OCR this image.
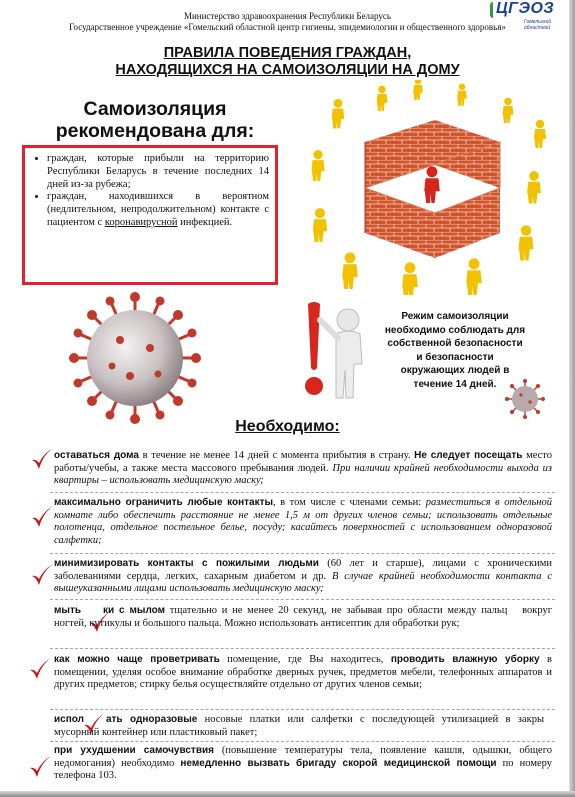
ЦГЭОЗ
Гомельский областной
Министерство здравоохранения Республики Беларусь
Государственное учреждение «Гомельский областной центр гигиены, эпидемиологии и общественного здоровья»
ПРАВИЛА ПОВЕДЕНИЯ ГРАЖДАН,
НАХОДЯЩИХСЯ НА САМОИЗОЛЯЦИИ НА ДОМУ
Самоизоляция
рекомендована для:
• граждан, которые прибыли на территорию Республики Беларусь в течение последних 14 дней из-за рубежа;
• граждан, находившихся в вероятном (недлительном, непродолжительном) контакте с пациентом с коронавирусной инфекцией.
Режим самоизоляции
необходимо соблюдать для
собственной безопасности
и безопасности
окружающих людей в
течение 14 дней.
Необходимо:
оставаться дома в течение не менее 14 дней с момента прибытия в страну. Не следует посещать место работы/учебы, а также места массового пребывания людей. При наличии крайней необходимости выхода из квартиры – использовать медицинскую маску;
максимально ограничить любые контакты, в том числе с членами семьи: разместиться в отдельной комнате либо обеспечить расстояние не менее 1,5 м от других членов семьи; использовать отдельные полотенца, отдельное постельное белье, посуду; касайтесь поверхностей с использованием одноразовой салфетки;
минимизировать контакты с пожилыми людьми (60 лет и старше), лицами с хроническими заболеваниями сердца, легких, сахарным диабетом и др. В случае крайней необходимости контакта с вышеуказанными лицами использовать медицинскую маску;
мыть ки с мылом тщательно и не менее 20 секунд, не забывая про области между пальц вокруг ногтей, кутикулы и большого пальца. Можно использовать антисептик для обработки рук;
как можно чаще проветривать помещение, где Вы находитесь, проводить влажную уборку в помещении, уделяя особое внимание обработке дверных ручек, предметов мебели, телефонных аппаратов и других предметов; стирку белья осуществляйте отдельно от других членов семьи;
испол ать одноразовые носовые платки или салфетки с последующей утилизацией в закры мусорный контейнер или пластиковый пакет;
при ухудшении самочувствия (повышение температуры тела, появление кашля, одышки, общего недомогания) необходимо немедленно вызвать бригаду скорой медицинской помощи по номеру телефона 103.
